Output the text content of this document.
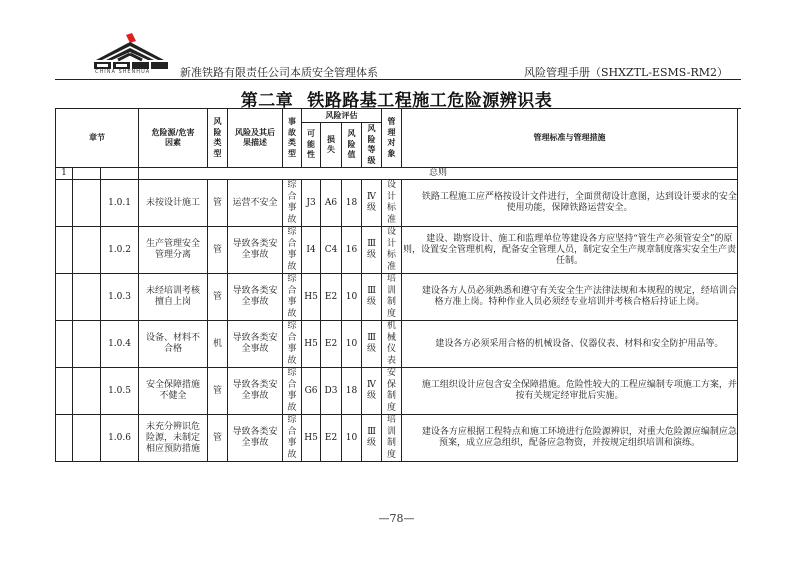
CHINA SHENHUA	新准铁路有限责任公司本质安全管理体系	风险管理手册（SHXZTL-ESMS-RM2）
第二章 铁路路基工程施工危险源辨识表
章节			危险源/危害因素	风险类型	风险及其后果描述	事故类型	风险评估				管理对象	管理标准与管理措施
							可能性	损失	风险值	风险等级		
1			总则									
		1.0.1	未按设计施工	管	运营不安全	综合事故	J3	A6	18	Ⅳ级	设计标准	铁路工程施工应严格按设计文件进行，全面贯彻设计意图，达到设计要求的安全使用功能，保障铁路运营安全。
		1.0.2	生产管理安全管理分离	管	导致各类安全事故	综合事故	I4	C4	16	Ⅲ级	设计标准	建设、勘察设计、施工和监理单位等建设各方应坚持“管生产必须管安全”的原则，设置安全管理机构，配备安全管理人员，制定安全生产规章制度落实安全生产责任制。
		1.0.3	未经培训考核擅自上岗	管	导致各类安全事故	综合事故	H5	E2	10	Ⅲ级	培训制度	建设各方人员必须熟悉和遵守有关安全生产法律法规和本规程的规定，经培训合格方准上岗。特种作业人员必须经专业培训并考核合格后持证上岗。
		1.0.4	设备、材料不合格	机	导致各类安全事故	综合事故	H5	E2	10	Ⅲ级	机械仪表	建设各方必须采用合格的机械设备、仪器仪表、材料和安全防护用品等。
		1.0.5	安全保障措施不健全	管	导致各类安全事故	综合事故	G6	D3	18	Ⅳ级	安保制度	施工组织设计应包含安全保障措施。危险性较大的工程应编制专项施工方案，并按有关规定经审批后实施。
		1.0.6	未充分辨识危险源，未制定相应预防措施	管	导致各类安全事故	综合事故	H5	E2	10	Ⅲ级	培训制度	建设各方应根据工程特点和施工环境进行危险源辨识，对重大危险源应编制应急预案，成立应急组织，配备应急物资，并按规定组织培训和演练。
—78—
